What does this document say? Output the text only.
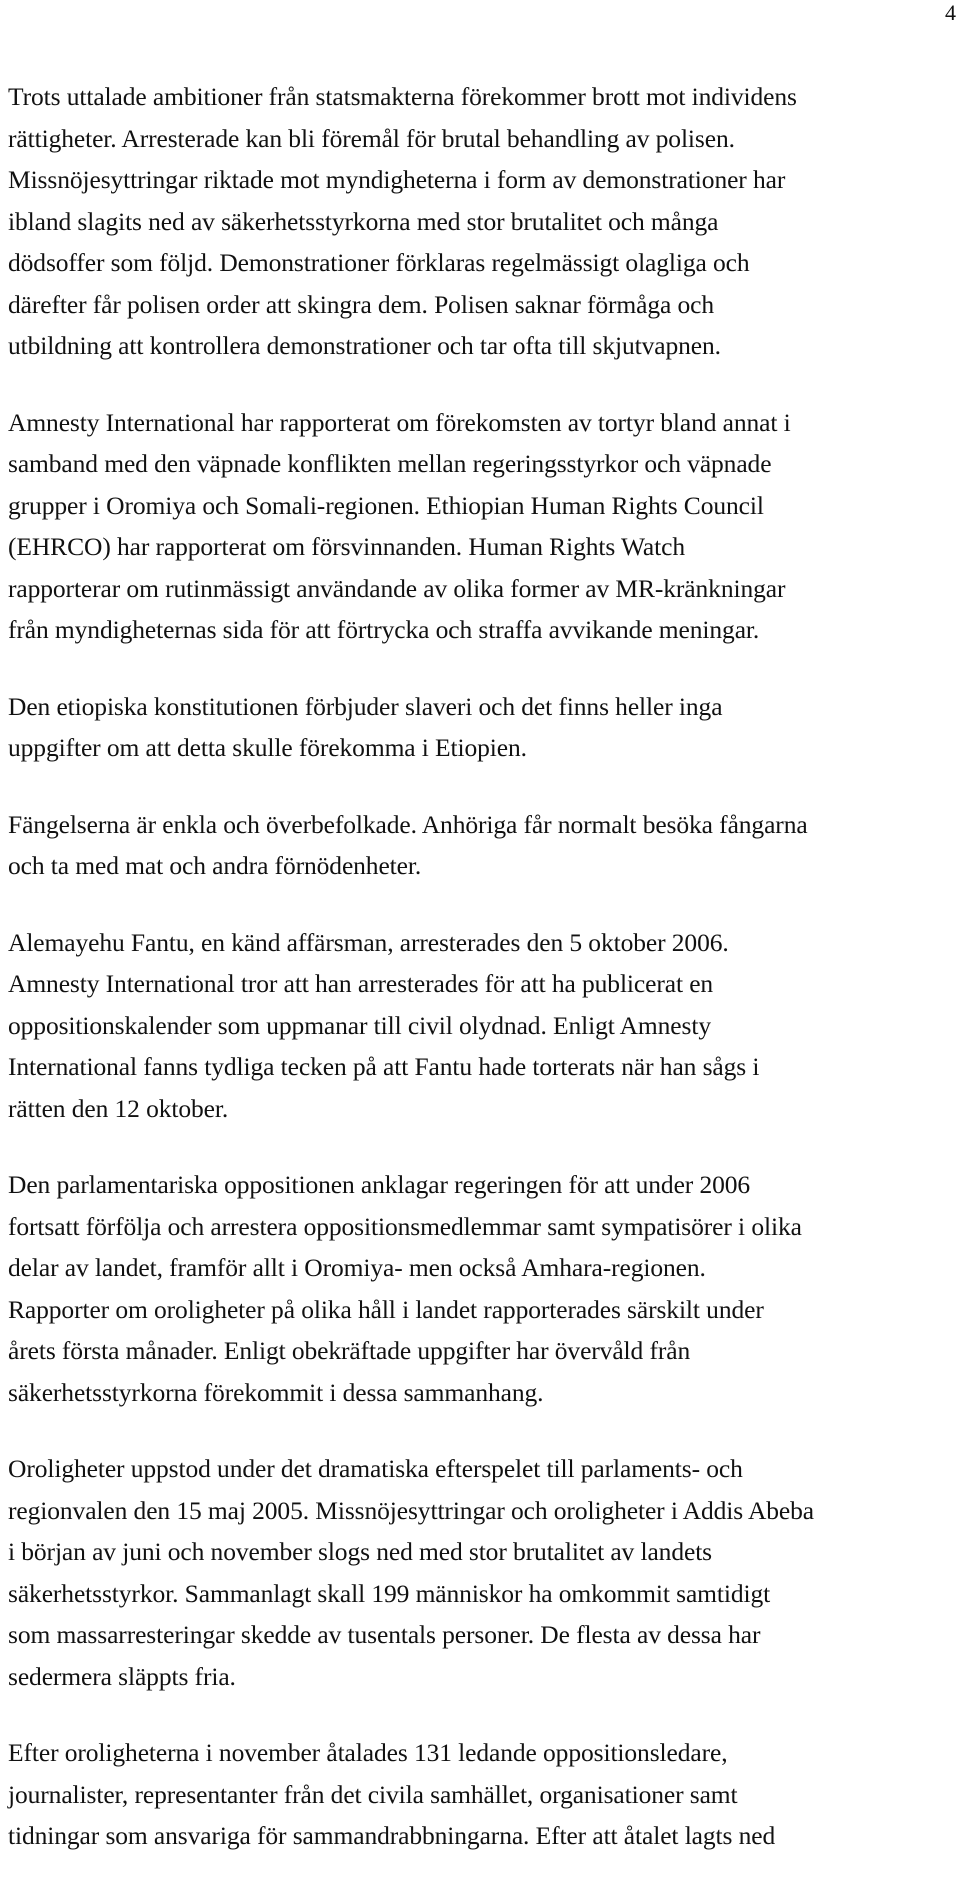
4

Trots uttalade ambitioner från statsmakterna förekommer brott mot individens
rättigheter. Arresterade kan bli föremål för brutal behandling av polisen.
Missnöjesyttringar riktade mot myndigheterna i form av demonstrationer har
ibland slagits ned av säkerhetsstyrkorna med stor brutalitet och många
dödsoffer som följd. Demonstrationer förklaras regelmässigt olagliga och
därefter får polisen order att skingra dem. Polisen saknar förmåga och
utbildning att kontrollera demonstrationer och tar ofta till skjutvapnen.

Amnesty International har rapporterat om förekomsten av tortyr bland annat i
samband med den väpnade konflikten mellan regeringsstyrkor och väpnade
grupper i Oromiya och Somali-regionen. Ethiopian Human Rights Council
(EHRCO) har rapporterat om försvinnanden. Human Rights Watch
rapporterar om rutinmässigt användande av olika former av MR-kränkningar
från myndigheternas sida för att förtrycka och straffa avvikande meningar.

Den etiopiska konstitutionen förbjuder slaveri och det finns heller inga
uppgifter om att detta skulle förekomma i Etiopien.

Fängelserna är enkla och överbefolkade. Anhöriga får normalt besöka fångarna
och ta med mat och andra förnödenheter.

Alemayehu Fantu, en känd affärsman, arresterades den 5 oktober 2006.
Amnesty International tror att han arresterades för att ha publicerat en
oppositionskalender som uppmanar till civil olydnad. Enligt Amnesty
International fanns tydliga tecken på att Fantu hade torterats när han sågs i
rätten den 12 oktober.

Den parlamentariska oppositionen anklagar regeringen för att under 2006
fortsatt förfölja och arrestera oppositionsmedlemmar samt sympatisörer i olika
delar av landet, framför allt i Oromiya- men också Amhara-regionen.
Rapporter om oroligheter på olika håll i landet rapporterades särskilt under
årets första månader. Enligt obekräftade uppgifter har övervåld från
säkerhetsstyrkorna förekommit i dessa sammanhang.

Oroligheter uppstod under det dramatiska efterspelet till parlaments- och
regionvalen den 15 maj 2005. Missnöjesyttringar och oroligheter i Addis Abeba
i början av juni och november slogs ned med stor brutalitet av landets
säkerhetsstyrkor. Sammanlagt skall 199 människor ha omkommit samtidigt
som massarresteringar skedde av tusentals personer. De flesta av dessa har
sedermera släppts fria.

Efter oroligheterna i november åtalades 131 ledande oppositionsledare,
journalister, representanter från det civila samhället, organisationer samt
tidningar som ansvariga för sammandrabbningarna. Efter att åtalet lagts ned
